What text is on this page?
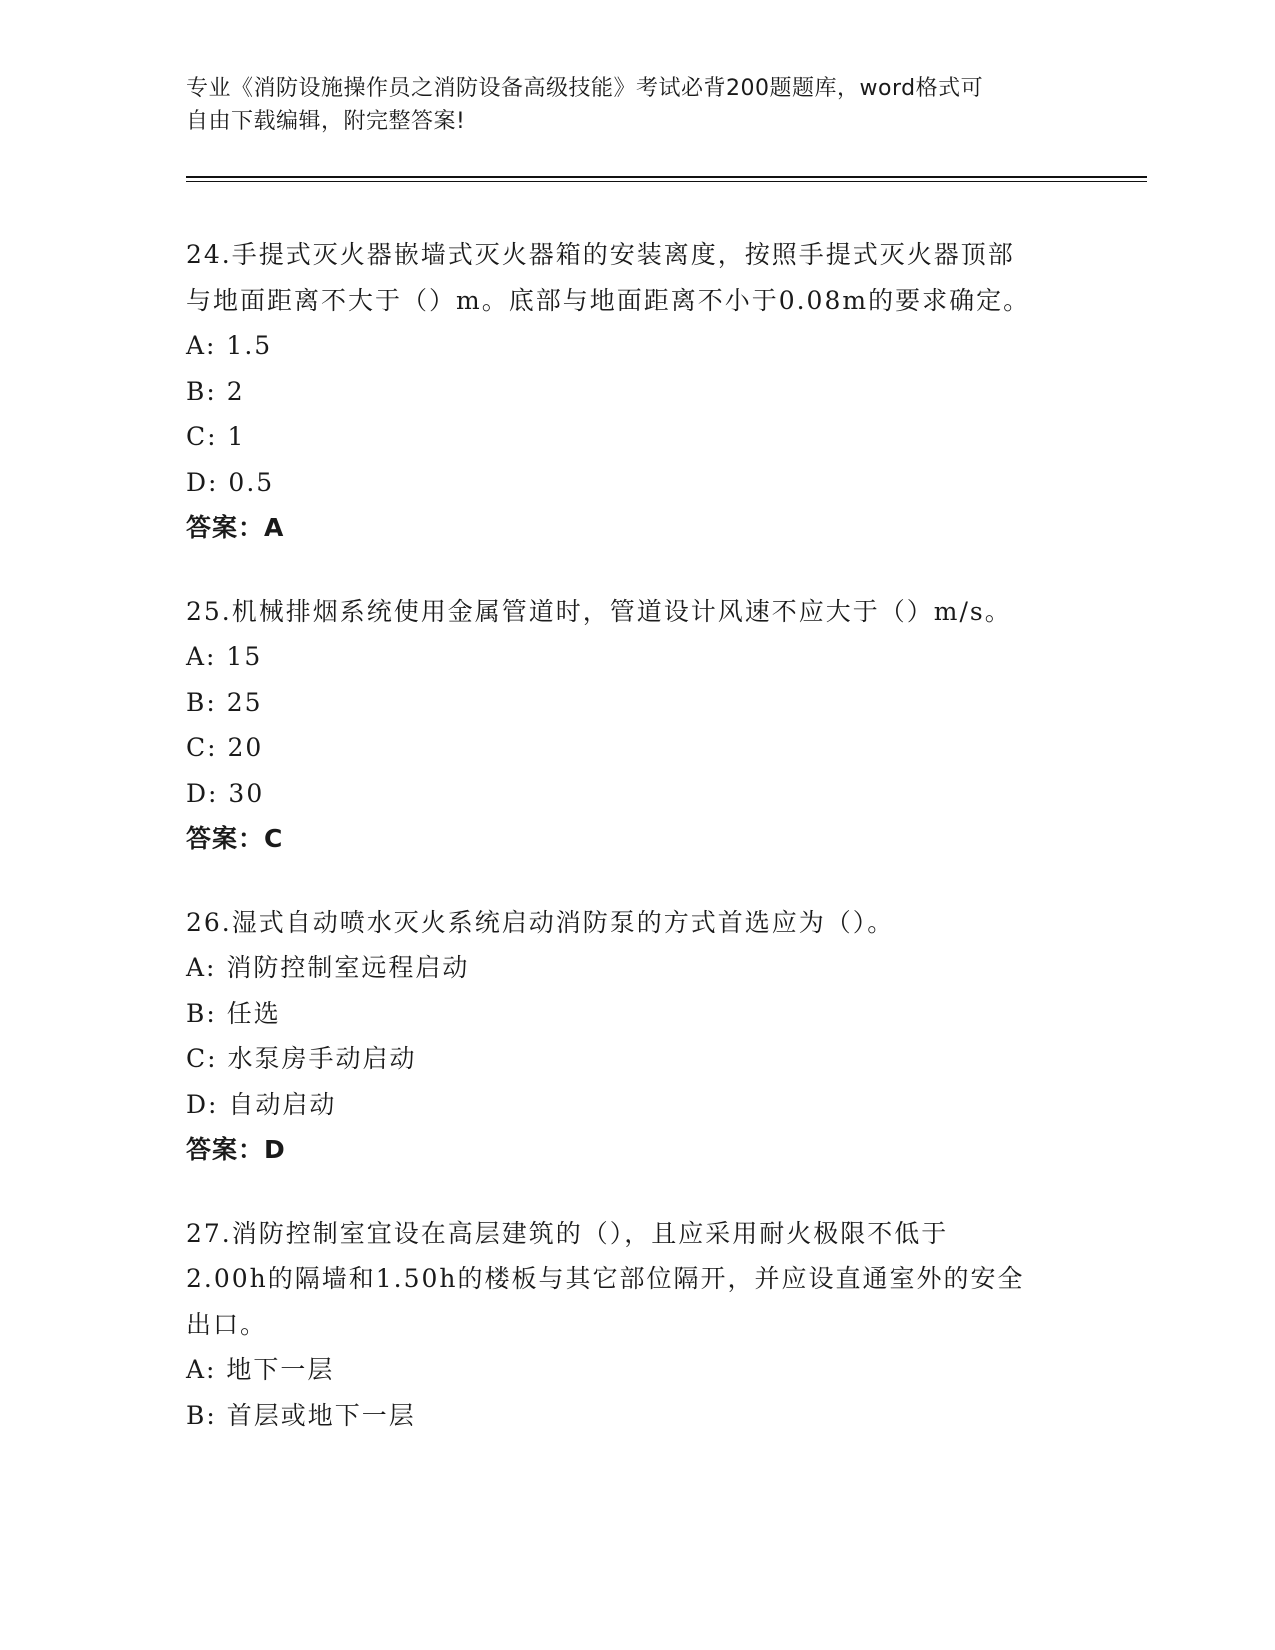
专业《消防设施操作员之消防设备高级技能》考试必背200题题库，word格式可
自由下载编辑，附完整答案!
24.手提式灭火器嵌墙式灭火器箱的安装离度，按照手提式灭火器顶部
与地面距离不大于（）m。底部与地面距离不小于0.08m的要求确定。
A: 1.5
B: 2
C: 1
D: 0.5
答案：A
25.机械排烟系统使用金属管道时，管道设计风速不应大于（）m/s。
A: 15
B: 25
C: 20
D: 30
答案：C
26.湿式自动喷水灭火系统启动消防泵的方式首选应为（）。
A: 消防控制室远程启动
B: 任选
C: 水泵房手动启动
D: 自动启动
答案：D
27.消防控制室宜设在高层建筑的（），且应采用耐火极限不低于
2.00h的隔墙和1.50h的楼板与其它部位隔开，并应设直通室外的安全
出口。
A: 地下一层
B: 首层或地下一层
